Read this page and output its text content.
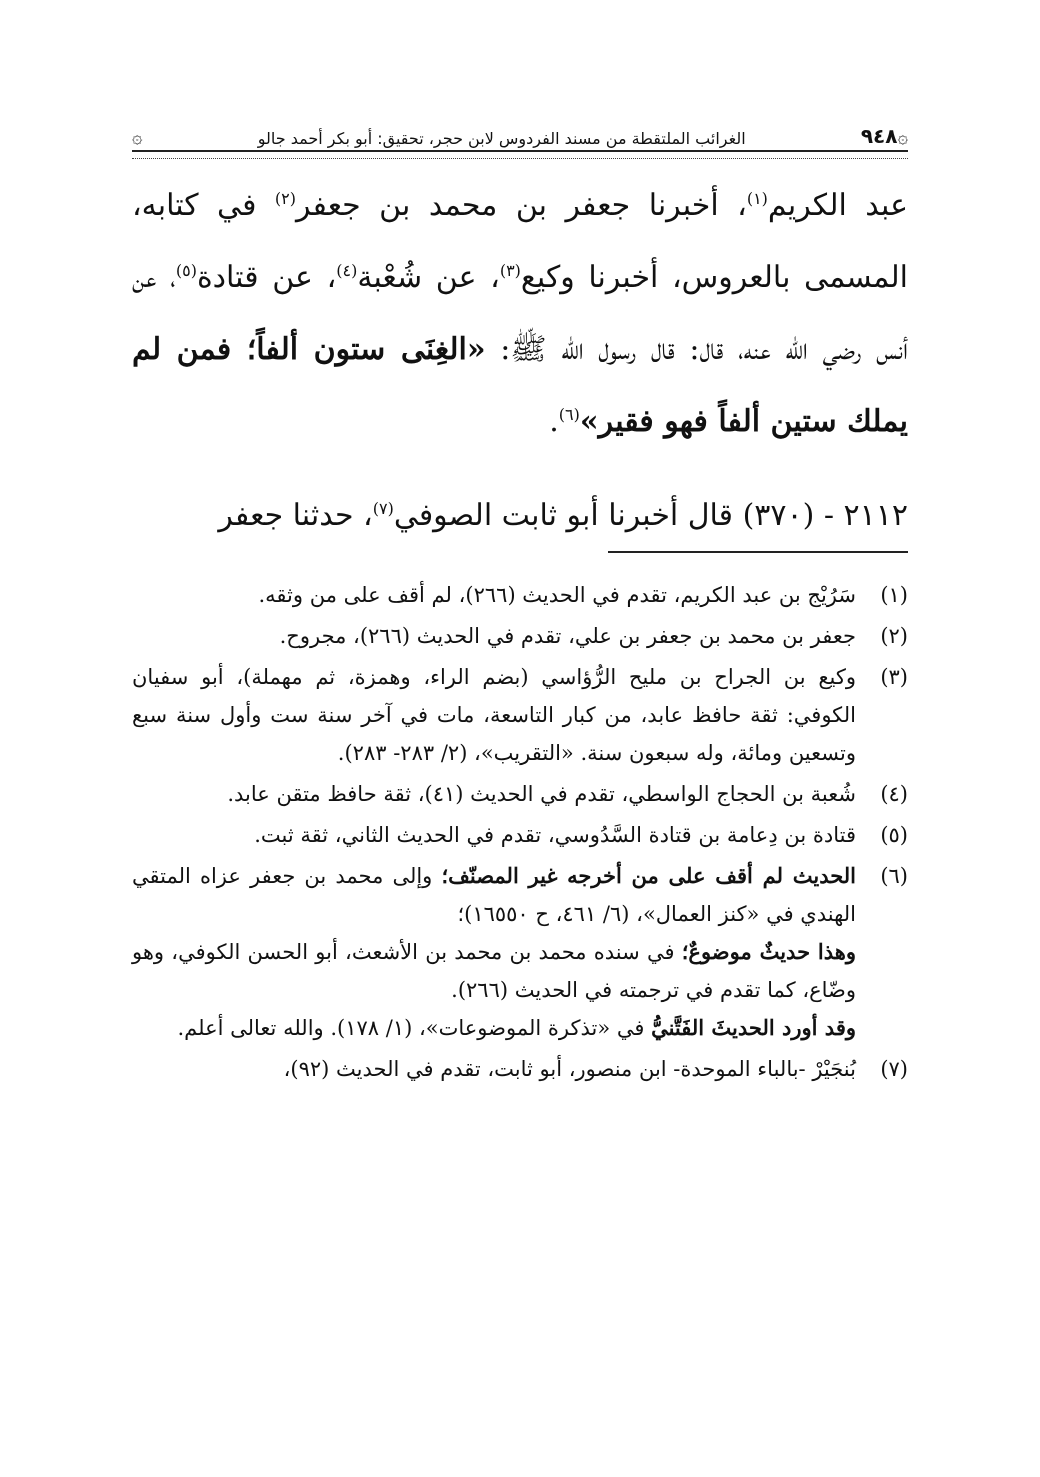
۞
٩٤٨
الغرائب الملتقطة من مسند الفردوس لابن حجر، تحقيق: أبو بكر أحمد جالو
۞

عبد الكريم$^{(١)}$، أخبرنا جعفر بن محمد بن جعفر$^{(٢)}$ في كتابه، المسمى بالعروس، أخبرنا وكيع$^{(٣)}$، عن شُعْبة$^{(٤)}$، عن قتادة$^{(٥)}$، عن أنس رضي الله عنه، قال: قال رسول الله ﷺ: «الغِنَى ستون ألفاً؛ فمن لم يملك ستين ألفاً فهو فقير»$^{(٦)}$.

٢١١٢ - (٣٧٠) قال أخبرنا أبو ثابت الصوفي$^{(٧)}$، حدثنا جعفر

(١)
سَرُيْج بن عبد الكريم، تقدم في الحديث (٢٦٦)، لم أقف على من وثقه.
(٢)
جعفر بن محمد بن جعفر بن علي، تقدم في الحديث (٢٦٦)، مجروح.
(٣)
وكيع بن الجراح بن مليح الرُّؤاسي (بضم الراء، وهمزة، ثم مهملة)، أبو سفيان الكوفي: ثقة حافظ عابد، من كبار التاسعة، مات في آخر سنة ست وأول سنة سبع وتسعين ومائة، وله سبعون سنة. «التقريب»، (٢/ ٢٨٣- ٢٨٣).
(٤)
شُعبة بن الحجاج الواسطي، تقدم في الحديث (٤١)، ثقة حافظ متقن عابد.
(٥)
قتادة بن دِعامة بن قتادة السَّدُوسي، تقدم في الحديث الثاني، ثقة ثبت.
(٦)

الحديث لم أقف على من أخرجه غير المصنّف؛ وإلى محمد بن جعفر عزاه المتقي الهندي في «كنز العمال»، (٦/ ٤٦١، ح ١٦٥٥٠)؛

وهذا حديثٌ موضوعٌ؛ في سنده محمد بن محمد بن الأشعث، أبو الحسن الكوفي، وهو وضّاع، كما تقدم في ترجمته في الحديث (٢٦٦).

وقد أورد الحديثَ الفَتَّنيُّ في «تذكرة الموضوعات»، (١/ ١٧٨). والله تعالى أعلم.

(٧)
بُنجَيْرْ -بالباء الموحدة- ابن منصور، أبو ثابت، تقدم في الحديث (٩٢)،
